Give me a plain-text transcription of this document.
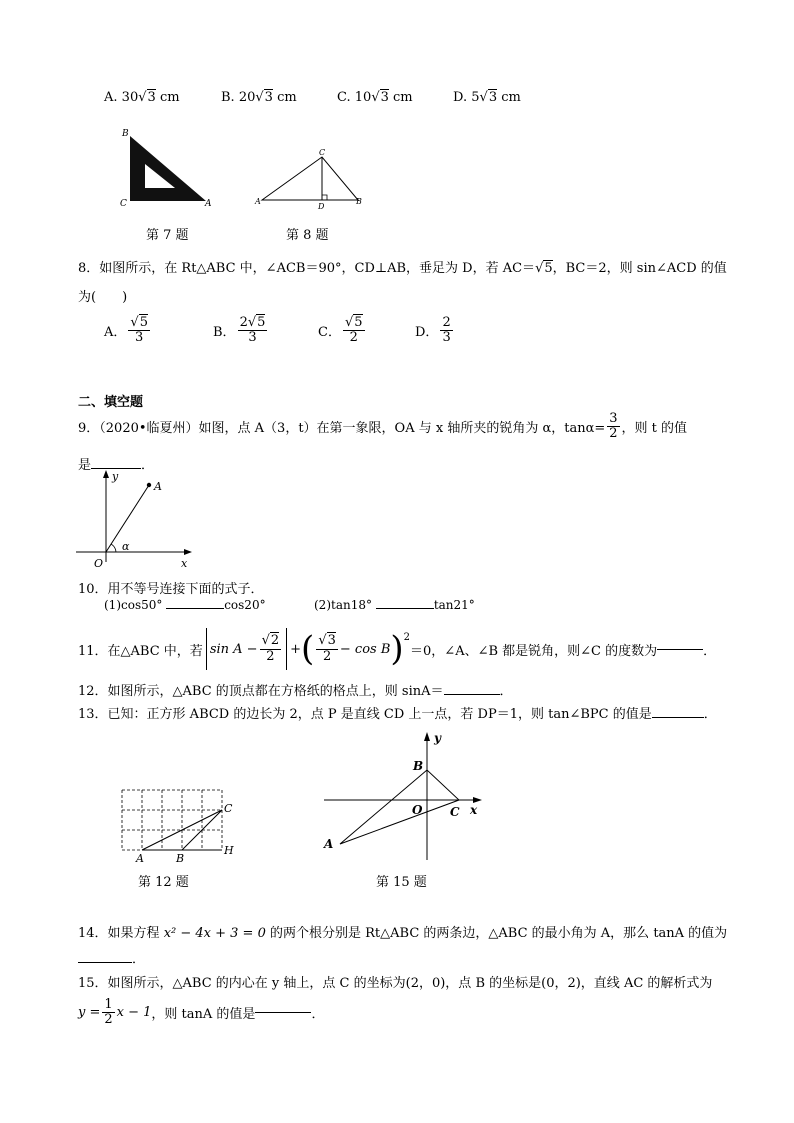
A. 30√3 cm	B. 20√3 cm	C. 10√3 cm	D. 5√3 cm
B
C	A
第 7 题
C
A
D
B
第 8 题
8．如图所示，在 Rt△ABC 中，∠ACB＝90°，CD⊥AB，垂足为 D，若 AC＝√5，BC＝2，则 sin∠ACD 的值
为(　　)
A． $\frac{√5}{3}$	B． $\frac{2√5}{3}$	C． $\frac{√5}{2}$	D． $\frac{2}{3}$
二、填空题
9．（2020•临夏州）如图，点 A（3，t）在第一象限，OA 与 x 轴所夹的锐角为 α，$\tan\alpha= \frac{3}{2}$ ，则 t 的值
是	．
y
A
α
O	x
10．用不等号连接下面的式子．
(1)cos50°	cos20°	(2)tan18°	tan21°
11．在△ABC 中，若 $\sin A - \frac{√2}{2}$ + ( $\frac{√3}{2} - \cos B$ )$^2$
＝0，∠A、∠B 都是锐角，则∠C 的度数为	．
12．如图所示，△ABC 的顶点都在方格纸的格点上，则 sinA＝	．
13．已知：正方形 ABCD 的边长为 2，点 P 是直线 CD 上一点，若 DP＝1，则 tan∠BPC 的值是	．
C
A	B
H
第 12 题
y
B
O C x
A
第 15 题
14．如果方程 x² − 4x + 3 = 0 的两个根分别是 Rt△ABC 的两条边，△ABC 的最小角为 A，那么 tanA 的值为
．
15．如图所示，△ABC 的内心在 y 轴上，点 C 的坐标为(2，0)，点 B 的坐标是(0，2)，直线 AC 的解析式为
$y = \frac{1}{2}$ x − 1 ，则 tanA 的值是	．
